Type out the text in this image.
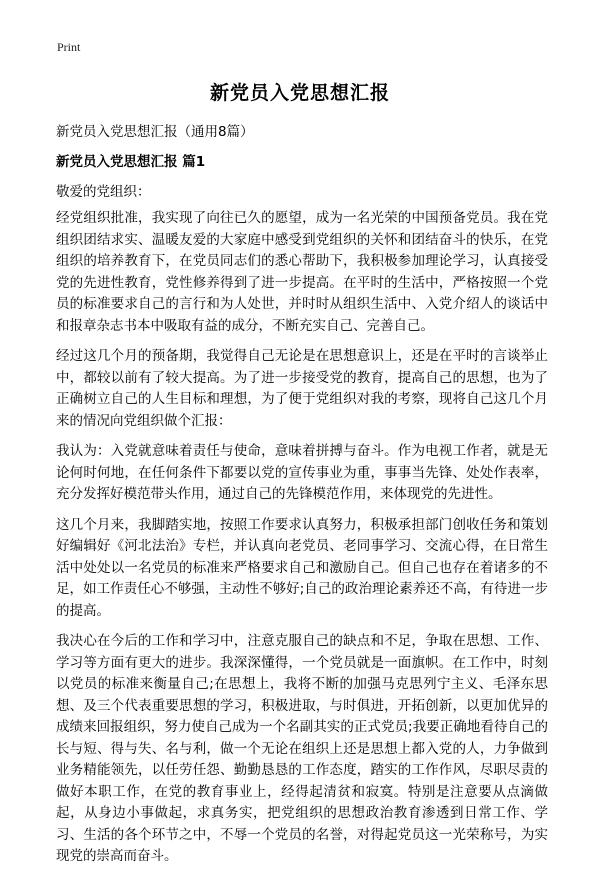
Print
新党员入党思想汇报
新党员入党思想汇报（通用8篇）
新党员入党思想汇报 篇1
敬爱的党组织：

经党组织批准，我实现了向往已久的愿望，成为一名光荣的中国预备党员。我在党组织团结求实、温暖友爱的大家庭中感受到党组织的关怀和团结奋斗的快乐，在党组织的培养教育下，在党员同志们的悉心帮助下，我积极参加理论学习，认真接受党的先进性教育，党性修养得到了进一步提高。在平时的生活中，严格按照一个党员的标准要求自己的言行和为人处世，并时时从组织生活中、入党介绍人的谈话中和报章杂志书本中吸取有益的成分，不断充实自己、完善自己。

经过这几个月的预备期，我觉得自己无论是在思想意识上，还是在平时的言谈举止中，都较以前有了较大提高。为了进一步接受党的教育，提高自己的思想，也为了正确树立自己的人生目标和理想，为了便于党组织对我的考察，现将自己这几个月来的情况向党组织做个汇报：

我认为：入党就意味着责任与使命，意味着拼搏与奋斗。作为电视工作者，就是无论何时何地，在任何条件下都要以党的宣传事业为重，事事当先锋、处处作表率，充分发挥好模范带头作用，通过自己的先锋模范作用，来体现党的先进性。

这几个月来，我脚踏实地，按照工作要求认真努力，积极承担部门创收任务和策划好编辑好《河北法治》专栏，并认真向老党员、老同事学习、交流心得，在日常生活中处处以一名党员的标准来严格要求自己和激励自己。但自己也存在着诸多的不足，如工作责任心不够强，主动性不够好;自己的政治理论素养还不高，有待进一步的提高。

我决心在今后的工作和学习中，注意克服自己的缺点和不足，争取在思想、工作、学习等方面有更大的进步。我深深懂得，一个党员就是一面旗帜。在工作中，时刻以党员的标准来衡量自己;在思想上，我将不断的加强马克思列宁主义、毛泽东思想、及三个代表重要思想的学习，积极进取，与时俱进，开拓创新，以更加优异的成绩来回报组织，努力使自己成为一个名副其实的正式党员;我要正确地看待自己的长与短、得与失、名与利，做一个无论在组织上还是思想上都入党的人，力争做到业务精能领先，以任劳任怨、勤勤恳恳的工作态度，踏实的工作作风，尽职尽责的做好本职工作，在党的教育事业上，经得起清贫和寂寞。特别是注意要从点滴做起，从身边小事做起，求真务实，把党组织的思想政治教育渗透到日常工作、学习、生活的各个环节之中，不辱一个党员的名誉，对得起党员这一光荣称号，为实现党的崇高而奋斗。
